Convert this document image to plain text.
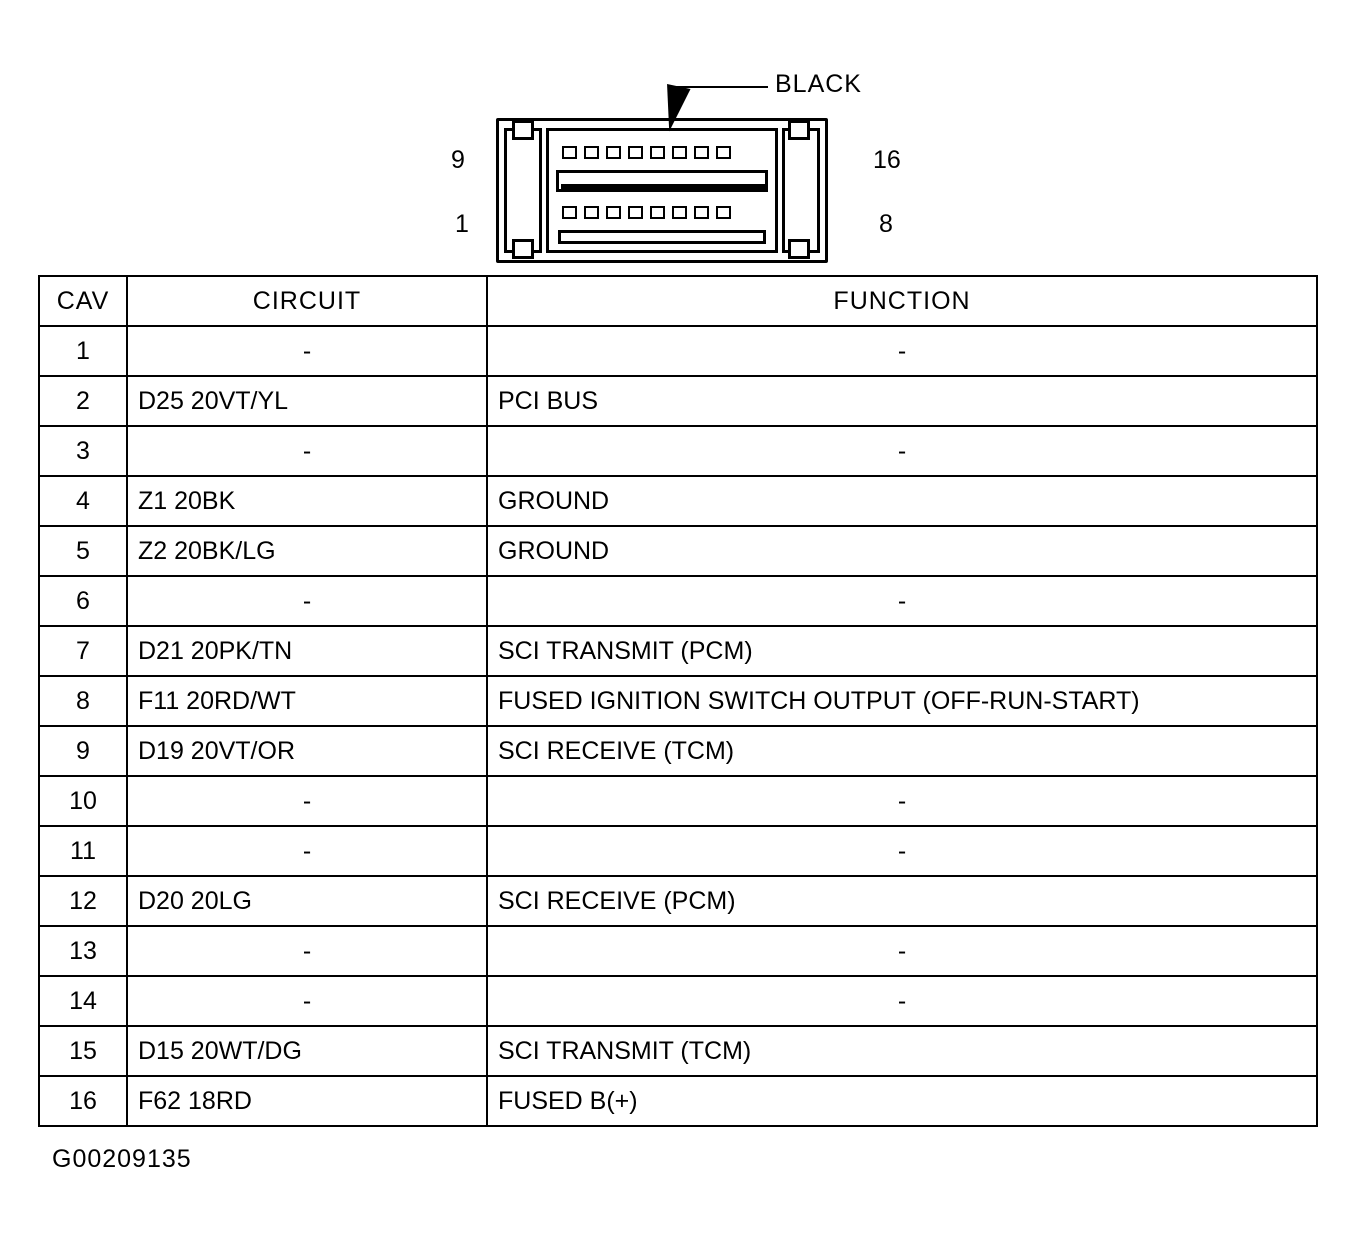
BLACK
9
1
16
8
CAV	CIRCUIT	FUNCTION
1	-	-
2	D25 20VT/YL	PCI BUS
3	-	-
4	Z1 20BK	GROUND
5	Z2 20BK/LG	GROUND
6	-	-
7	D21 20PK/TN	SCI TRANSMIT (PCM)
8	F11 20RD/WT	FUSED IGNITION SWITCH OUTPUT (OFF-RUN-START)
9	D19 20VT/OR	SCI RECEIVE (TCM)
10	-	-
11	-	-
12	D20 20LG	SCI RECEIVE (PCM)
13	-	-
14	-	-
15	D15 20WT/DG	SCI TRANSMIT (TCM)
16	F62 18RD	FUSED B(+)
G00209135
